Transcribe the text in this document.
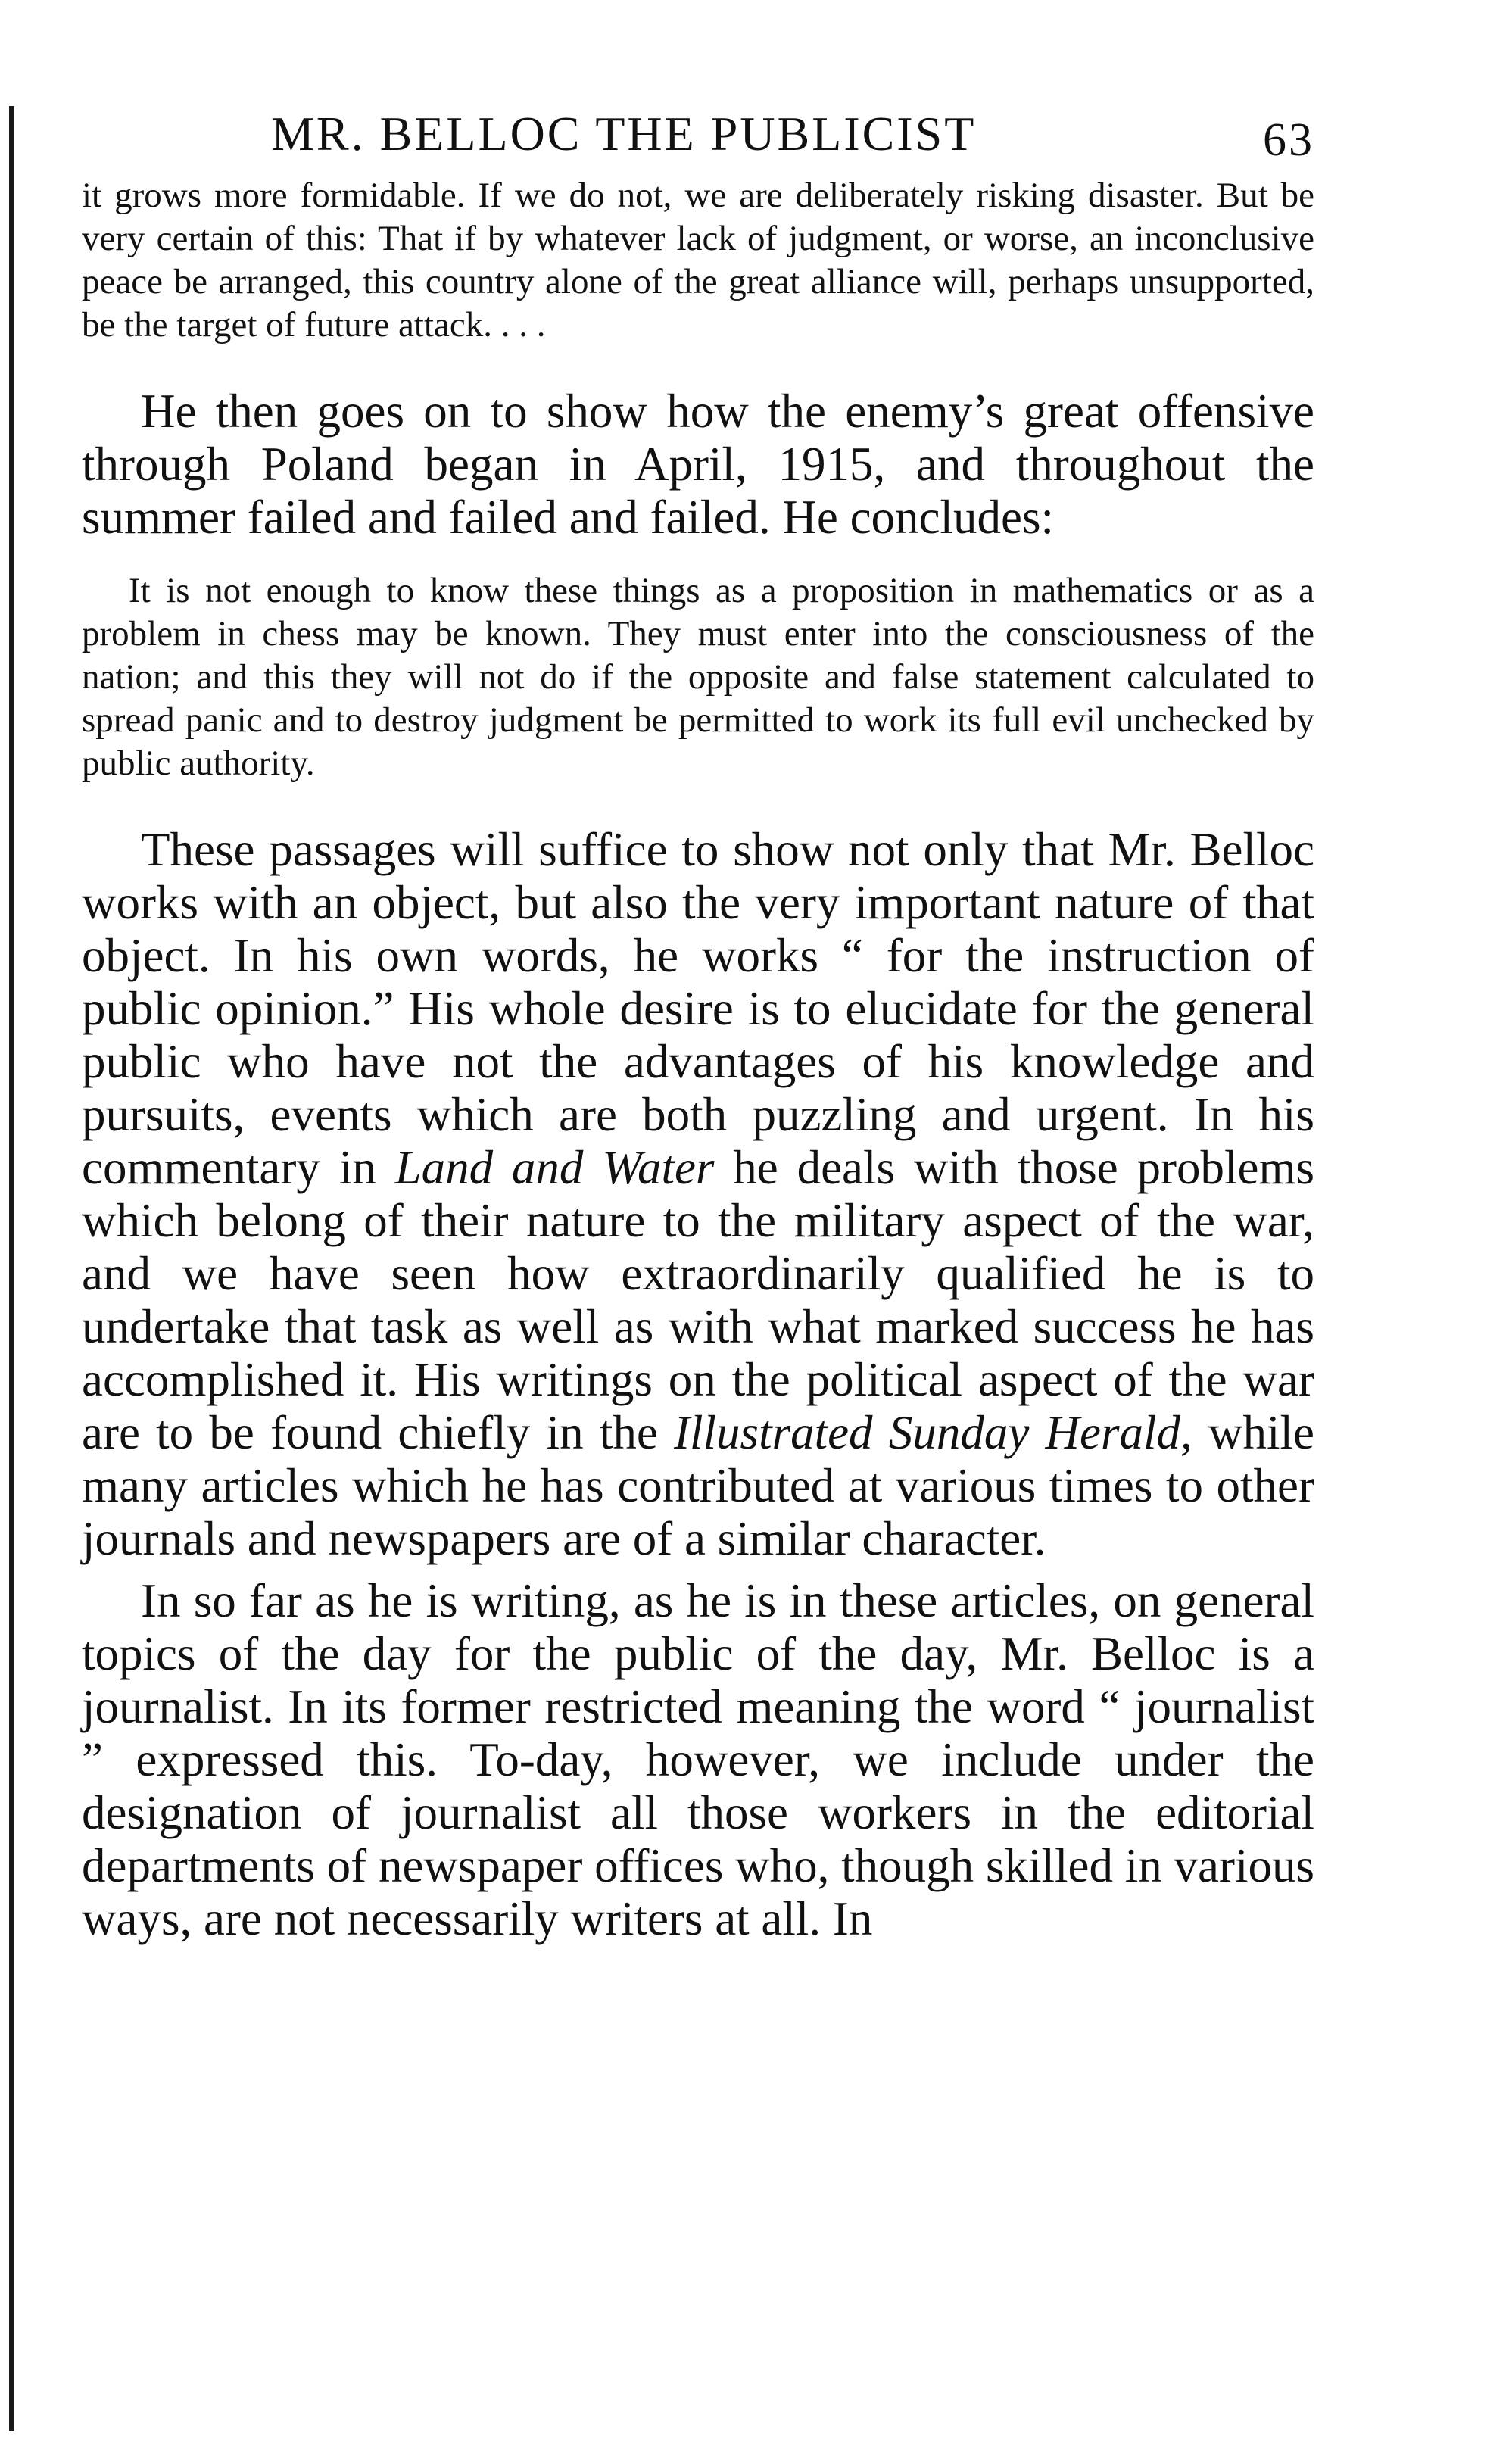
MR. BELLOC THE PUBLICIST	63

it grows more formidable. If we do not, we are deliberately risking disaster. But be very certain of this: That if by whatever lack of judgment, or worse, an inconclusive peace be arranged, this country alone of the great alliance will, perhaps unsupported, be the target of future attack. . . .

He then goes on to show how the enemy’s great offensive through Poland began in April, 1915, and throughout the summer failed and failed and failed. He concludes:

It is not enough to know these things as a proposition in mathematics or as a problem in chess may be known. They must enter into the consciousness of the nation; and this they will not do if the opposite and false statement calculated to spread panic and to destroy judgment be permitted to work its full evil unchecked by public authority.

These passages will suffice to show not only that Mr. Belloc works with an object, but also the very important nature of that object. In his own words, he works “ for the instruction of public opinion.” His whole desire is to elucidate for the general public who have not the advantages of his knowledge and pursuits, events which are both puzzling and urgent. In his commentary in Land and Water he deals with those problems which belong of their nature to the military aspect of the war, and we have seen how extraordinarily qualified he is to undertake that task as well as with what marked success he has accomplished it. His writings on the political aspect of the war are to be found chiefly in the Illustrated Sunday Herald, while many articles which he has contributed at various times to other journals and newspapers are of a similar character.

In so far as he is writing, as he is in these articles, on general topics of the day for the public of the day, Mr. Belloc is a journalist. In its former restricted meaning the word “ journalist ” expressed this. To-day, however, we include under the designation of journalist all those workers in the editorial departments of newspaper offices who, though skilled in various ways, are not necessarily writers at all. In
